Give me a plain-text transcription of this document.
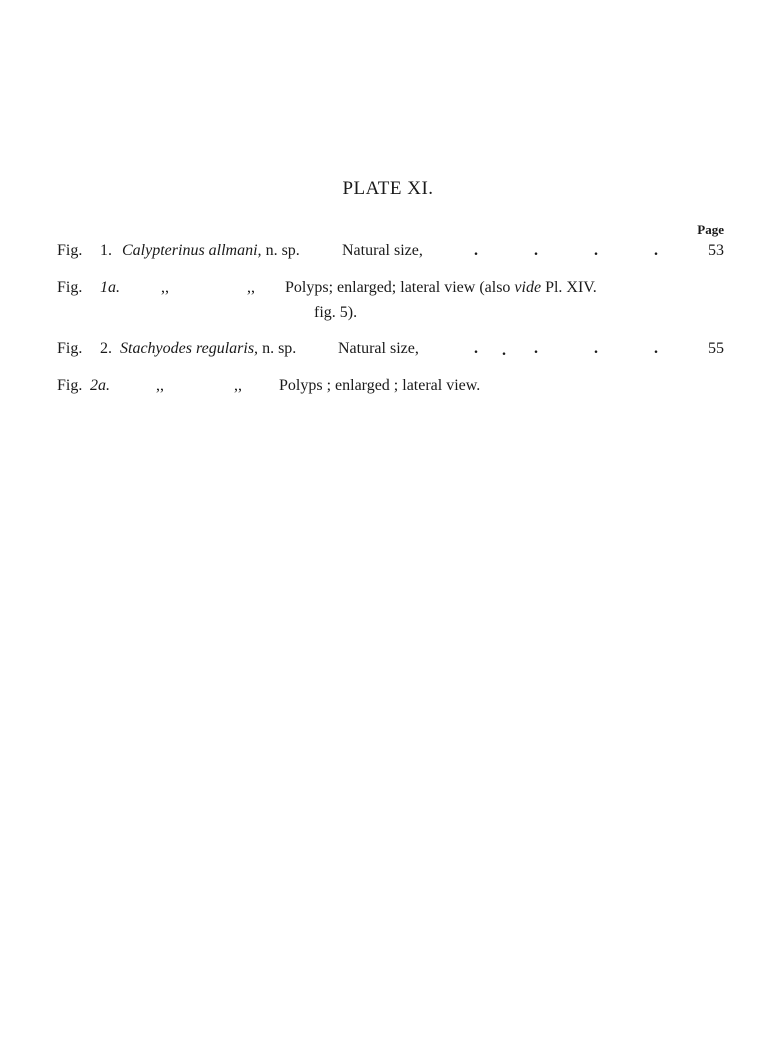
PLATE XI.
Page
Fig. 1. Calypterinus allmani, n. sp.	Natural size,	.	.	.	.	53
Fig. 1a.	,,	,, Polyps; enlarged; lateral view (also vide Pl. XIV.
fig. 5).
Fig. 2. Stachyodes regularis, n. sp.	Natural size,	. . .	.	.	55
Fig. 2a.	,,	,, Polyps ; enlarged ; lateral view.
